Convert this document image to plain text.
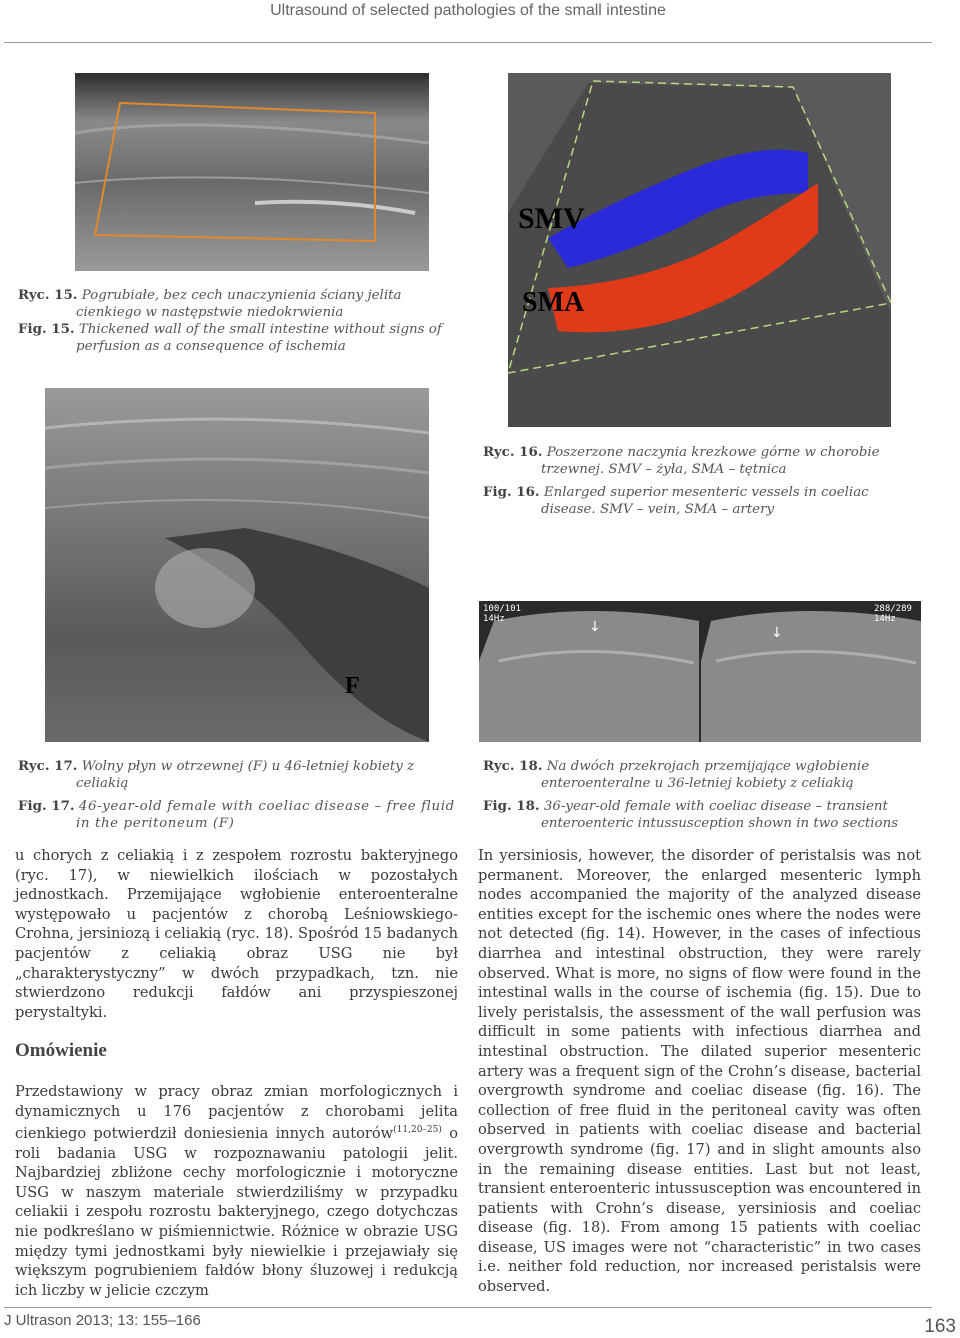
Ultrasound of selected pathologies of the small intestine

Ryc. 15. Pogrubiałe, bez cech unaczynienia ściany jelita cienkiego w następstwie niedokrwienia

Fig. 15. Thickened wall of the small intestine without signs of perfusion as a consequence of ischemia

SMV
SMA

Ryc. 16. Poszerzone naczynia krezkowe górne w chorobie trzewnej. SMV – żyła, SMA – tętnica

Fig. 16. Enlarged superior mesenteric vessels in coeliac disease. SMV – vein, SMA – artery

F
↓	↓
100/101 14Hz
288/289 14Hz

Ryc. 17. Wolny płyn w otrzewnej (F) u 46-letniej kobiety z celiakią

Fig. 17. 46-year-old female with coeliac disease – free fluid in the peritoneum (F)

Ryc. 18. Na dwóch przekrojach przemijające wgłobienie enteroenteralne u 36-letniej kobiety z celiakią

Fig. 18. 36-year-old female with coeliac disease – transient enteroenteric intussusception shown in two sections

u chorych z celiakią i z zespołem rozrostu bakteryjnego (ryc. 17), w niewielkich ilościach w pozostałych jednostkach. Przemijające wgłobienie enteroenteralne występowało u pacjentów z chorobą Leśniowskiego-Crohna, jersiniozą i celiakią (ryc. 18). Spośród 15 badanych pacjentów z celiakią obraz USG nie był „charakterystyczny” w dwóch przypadkach, tzn. nie stwierdzono redukcji fałdów ani przyspieszonej perystaltyki.

Omówienie

Przedstawiony w pracy obraz zmian morfologicznych i dynamicznych u 176 pacjentów z chorobami jelita cienkiego potwierdził doniesienia innych autorów$^{(11,20-25)}$ o roli badania USG w rozpoznawaniu patologii jelit. Najbardziej zbliżone cechy morfologicznie i motoryczne USG w naszym materiale stwierdziliśmy w przypadku celiakii i zespołu rozrostu bakteryjnego, czego dotychczas nie podkreślano w piśmiennictwie. Różnice w obrazie USG między tymi jednostkami były niewielkie i przejawiały się większym pogrubieniem fałdów błony śluzowej i redukcją ich liczby w jelicie czczym

In yersiniosis, however, the disorder of peristalsis was not permanent. Moreover, the enlarged mesenteric lymph nodes accompanied the majority of the analyzed disease entities except for the ischemic ones where the nodes were not detected (fig. 14). However, in the cases of infectious diarrhea and intestinal obstruction, they were rarely observed. What is more, no signs of flow were found in the intestinal walls in the course of ischemia (fig. 15). Due to lively peristalsis, the assessment of the wall perfusion was difficult in some patients with infectious diarrhea and intestinal obstruction. The dilated superior mesenteric artery was a frequent sign of the Crohn’s disease, bacterial overgrowth syndrome and coeliac disease (fig. 16). The collection of free fluid in the peritoneal cavity was often observed in patients with coeliac disease and bacterial overgrowth syndrome (fig. 17) and in slight amounts also in the remaining disease entities. Last but not least, transient enteroenteric intussusception was encountered in patients with Crohn’s disease, yersiniosis and coeliac disease (fig. 18). From among 15 patients with coeliac disease, US images were not “characteristic” in two cases i.e. neither fold reduction, nor increased peristalsis were observed.

J Ultrason 2013; 13: 155–166	163
